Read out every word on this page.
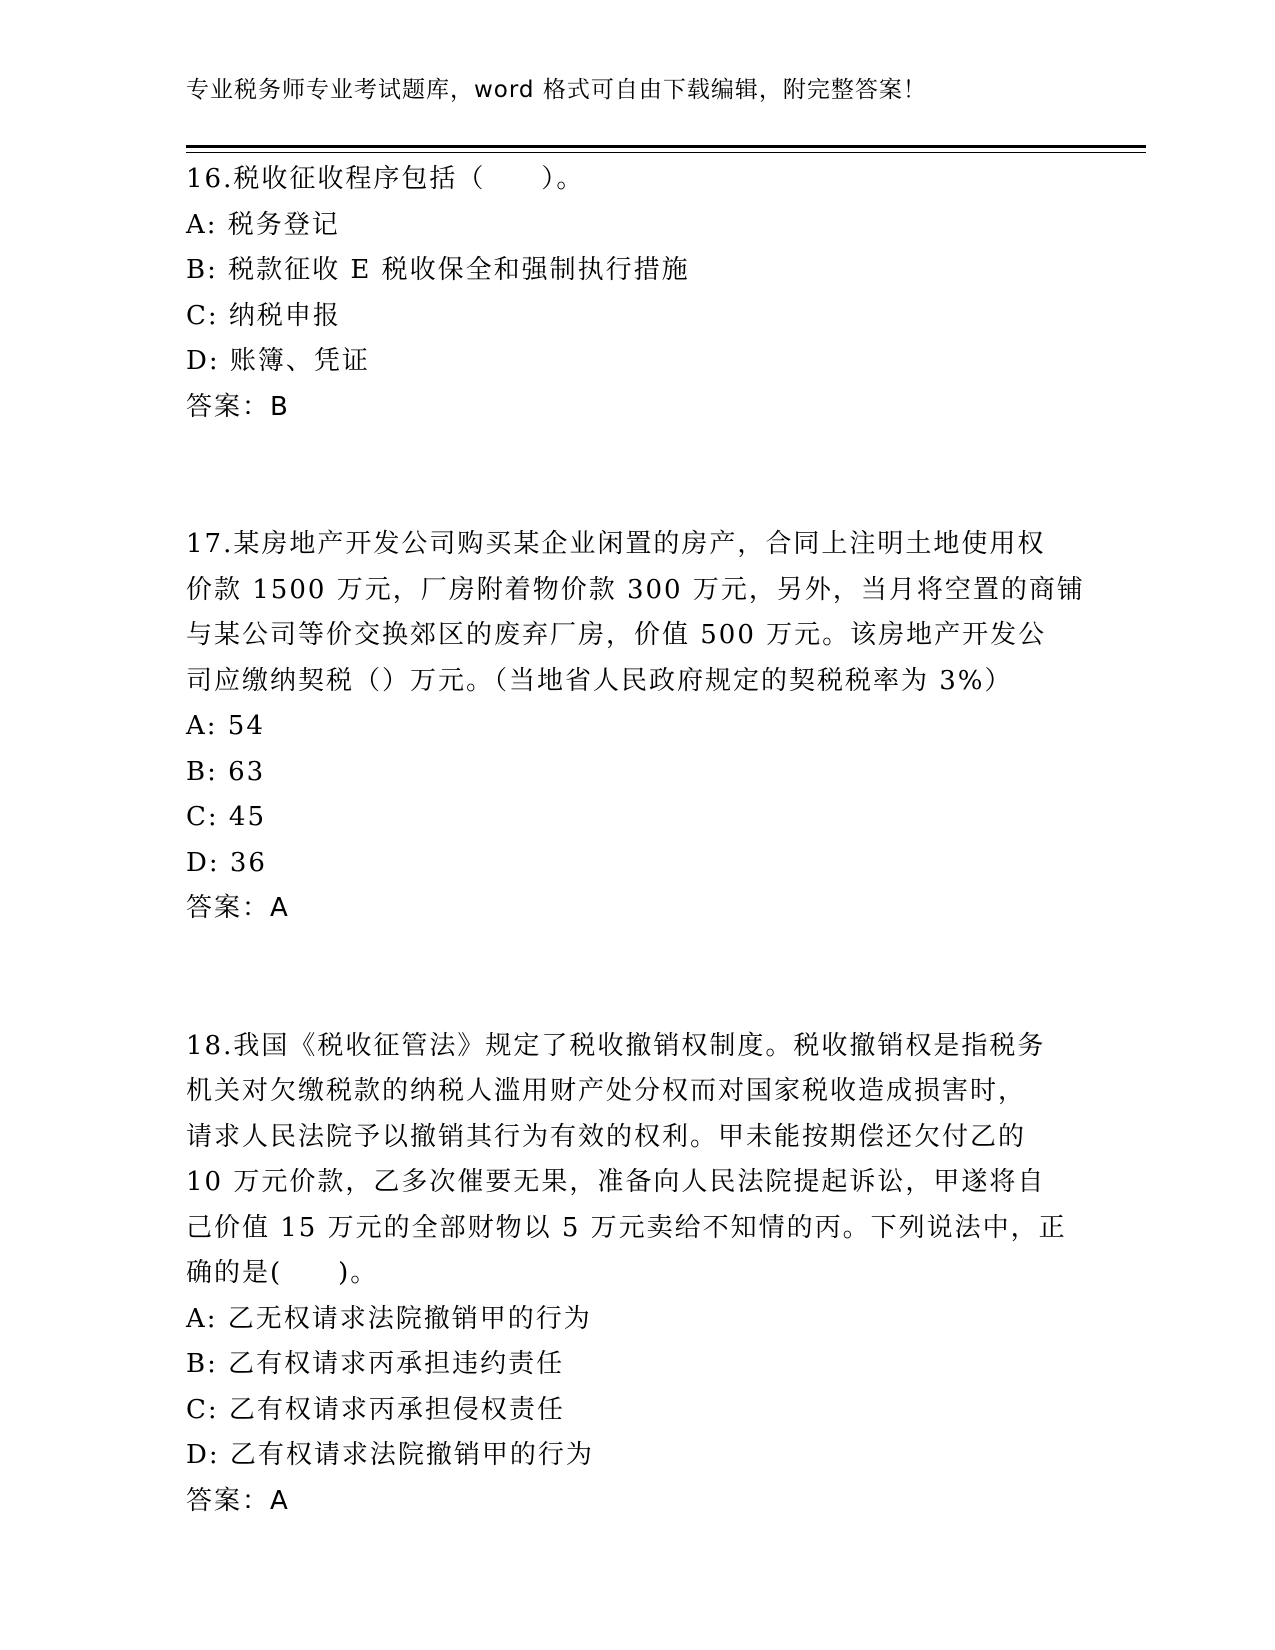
专业税务师专业考试题库，word 格式可自由下载编辑，附完整答案！
16.税收征收程序包括（　　）。
A: 税务登记
B: 税款征收 E 税收保全和强制执行措施
C: 纳税申报
D: 账簿、凭证
答案：B
17.某房地产开发公司购买某企业闲置的房产，合同上注明土地使用权
价款 1500 万元，厂房附着物价款 300 万元，另外，当月将空置的商铺
与某公司等价交换郊区的废弃厂房，价值 500 万元。该房地产开发公
司应缴纳契税（）万元。（当地省人民政府规定的契税税率为 3%）
A: 54
B: 63
C: 45
D: 36
答案：A
18.我国《税收征管法》规定了税收撤销权制度。税收撤销权是指税务
机关对欠缴税款的纳税人滥用财产处分权而对国家税收造成损害时，
请求人民法院予以撤销其行为有效的权利。甲未能按期偿还欠付乙的
10 万元价款，乙多次催要无果，准备向人民法院提起诉讼，甲遂将自
己价值 15 万元的全部财物以 5 万元卖给不知情的丙。下列说法中，正
确的是(　　)。
A: 乙无权请求法院撤销甲的行为
B: 乙有权请求丙承担违约责任
C: 乙有权请求丙承担侵权责任
D: 乙有权请求法院撤销甲的行为
答案：A
